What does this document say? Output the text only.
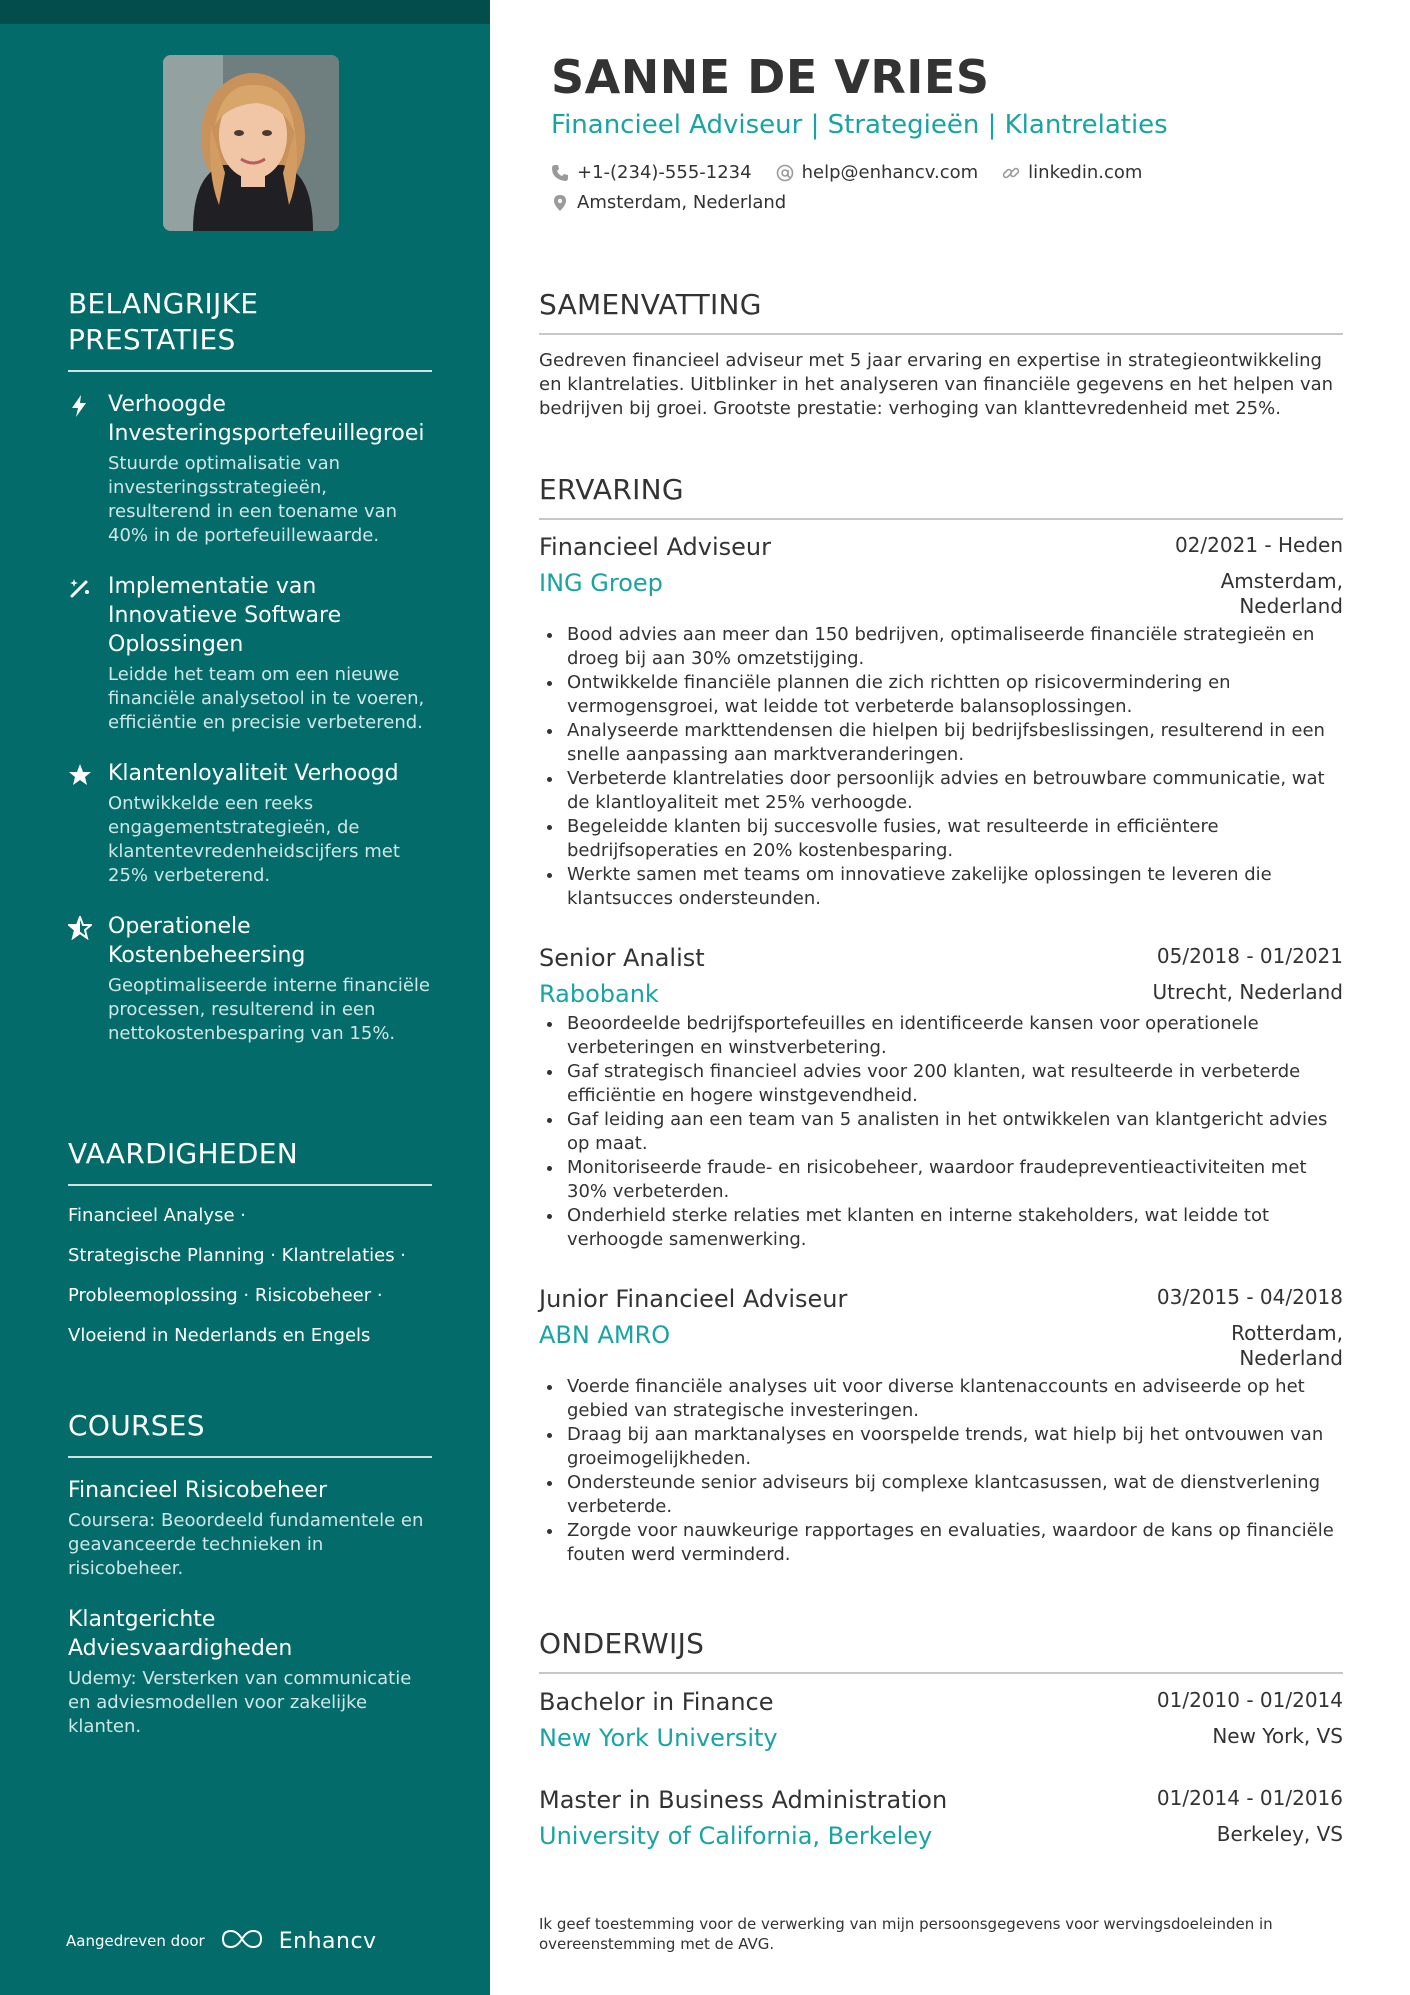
BELANGRIJKE PRESTATIES
Verhoogde Investeringsportefeuillegroei
Stuurde optimalisatie van investeringsstrategieën, resulterend in een toename van 40% in de portefeuillewaarde.
Implementatie van Innovatieve Software Oplossingen
Leidde het team om een nieuwe financiële analysetool in te voeren, efficiëntie en precisie verbeterend.
Klantenloyaliteit Verhoogd
Ontwikkelde een reeks engagementstrategieën, de klantentevredenheidscijfers met 25% verbeterend.
Operationele Kostenbeheersing
Geoptimaliseerde interne financiële processen, resulterend in een nettokostenbesparing van 15%.
VAARDIGHEDEN
Financieel Analyse ·
Strategische Planning · Klantrelaties ·
Probleemoplossing · Risicobeheer ·
Vloeiend in Nederlands en Engels
COURSES
Financieel Risicobeheer
Coursera: Beoordeeld fundamentele en geavanceerde technieken in risicobeheer.
Klantgerichte Adviesvaardigheden
Udemy: Versterken van communicatie en adviesmodellen voor zakelijke klanten.
Aangedreven door	Enhancv
SANNE DE VRIES
Financieel Adviseur | Strategieën | Klantrelaties
+1-(234)-555-1234	help@enhancv.com	linkedin.com
Amsterdam, Nederland
SAMENVATTING
Gedreven financieel adviseur met 5 jaar ervaring en expertise in strategieontwikkeling en klantrelaties. Uitblinker in het analyseren van financiële gegevens en het helpen van bedrijven bij groei. Grootste prestatie: verhoging van klanttevredenheid met 25%.
ERVARING
Financieel Adviseur	02/2021 - Heden
ING Groep	Amsterdam,
Nederland
Bood advies aan meer dan 150 bedrijven, optimaliseerde financiële strategieën en droeg bij aan 30% omzetstijging.
Ontwikkelde financiële plannen die zich richtten op risicovermindering en vermogensgroei, wat leidde tot verbeterde balansoplossingen.
Analyseerde markttendensen die hielpen bij bedrijfsbeslissingen, resulterend in een snelle aanpassing aan marktveranderingen.
Verbeterde klantrelaties door persoonlijk advies en betrouwbare communicatie, wat de klantloyaliteit met 25% verhoogde.
Begeleidde klanten bij succesvolle fusies, wat resulteerde in efficiëntere bedrijfsoperaties en 20% kostenbesparing.
Werkte samen met teams om innovatieve zakelijke oplossingen te leveren die klantsucces ondersteunden.
Senior Analist	05/2018 - 01/2021
Rabobank	Utrecht, Nederland
Beoordeelde bedrijfsportefeuilles en identificeerde kansen voor operationele verbeteringen en winstverbetering.
Gaf strategisch financieel advies voor 200 klanten, wat resulteerde in verbeterde efficiëntie en hogere winstgevendheid.
Gaf leiding aan een team van 5 analisten in het ontwikkelen van klantgericht advies op maat.
Monitoriseerde fraude- en risicobeheer, waardoor fraudepreventieactiviteiten met 30% verbeterden.
Onderhield sterke relaties met klanten en interne stakeholders, wat leidde tot verhoogde samenwerking.
Junior Financieel Adviseur	03/2015 - 04/2018
ABN AMRO	Rotterdam,
Nederland
Voerde financiële analyses uit voor diverse klantenaccounts en adviseerde op het gebied van strategische investeringen.
Draag bij aan marktanalyses en voorspelde trends, wat hielp bij het ontvouwen van groeimogelijkheden.
Ondersteunde senior adviseurs bij complexe klantcasussen, wat de dienstverlening verbeterde.
Zorgde voor nauwkeurige rapportages en evaluaties, waardoor de kans op financiële fouten werd verminderd.
ONDERWIJS
Bachelor in Finance	01/2010 - 01/2014
New York University	New York, VS
Master in Business Administration	01/2014 - 01/2016
University of California, Berkeley	Berkeley, VS
Ik geef toestemming voor de verwerking van mijn persoonsgegevens voor wervingsdoeleinden in overeenstemming met de AVG.
